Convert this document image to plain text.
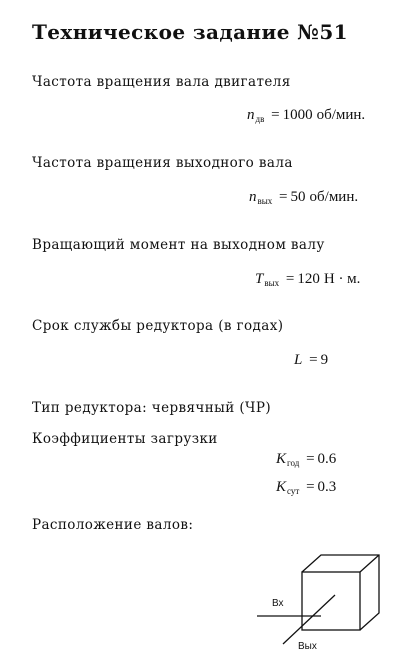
Техническое задание №51
Частота вращения вала двигателя
$n_{дв} = 1000$ об/мин.
Частота вращения выходного вала
$n_{вых} = 50$ об/мин.
Вращающий момент на выходном валу
$T_{вых} = 120$ Н · м.
Срок службы редуктора (в годах)
L = 9
Тип редуктора: червячный (ЧР)
Коэффициенты загрузки
$K_{год} = 0.6$
$K_{сут} = 0.3$
Расположение валов:
Вх
Вых
